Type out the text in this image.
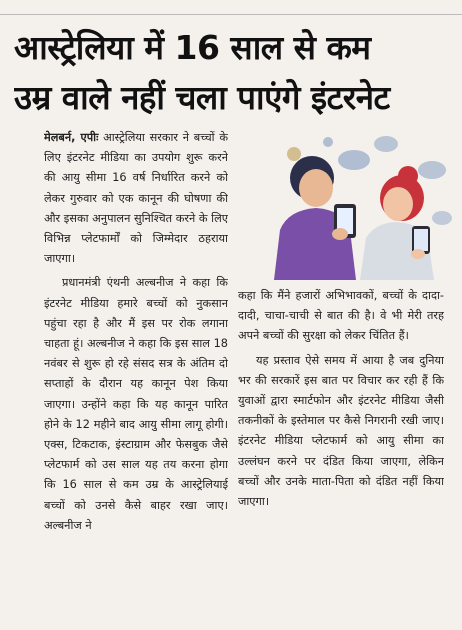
आस्ट्रेलिया में 16 साल से कम
उम्र वाले नहीं चला पाएंगे इंटरनेट

मेलबर्न, एपीः आस्ट्रेलिया सरकार ने बच्चों के लिए इंटरनेट मीडिया का उपयोग शुरू करने की आयु सीमा 16 वर्ष निर्धारित करने को लेकर गुरुवार को एक कानून की घोषणा की और इसका अनुपालन सुनिश्चित करने के लिए विभिन्न प्लेटफार्मों को जिम्मेदार ठहराया जाएगा।

प्रधानमंत्री एंथनी अल्बनीज ने कहा कि इंटरनेट मीडिया हमारे बच्चों को नुकसान पहुंचा रहा है और मैं इस पर रोक लगाना चाहता हूं। अल्बनीज ने कहा कि इस साल 18 नवंबर से शुरू हो रहे संसद सत्र के अंतिम दो सप्ताहों के दौरान यह कानून पेश किया जाएगा। उन्होंने कहा कि यह कानून पारित होने के 12 महीने बाद आयु सीमा लागू होगी। एक्स, टिकटाक, इंस्टाग्राम और फेसबुक जैसे प्लेटफार्म को उस साल यह तय करना होगा कि 16 साल से कम उम्र के आस्ट्रेलियाई बच्चों को उनसे कैसे बाहर रखा जाए। अल्बनीज ने

कहा कि मैंने हजारों अभिभावकों, बच्चों के दादा-दादी, चाचा-चाची से बात की है। वे भी मेरी तरह अपने बच्चों की सुरक्षा को लेकर चिंतित हैं।

यह प्रस्ताव ऐसे समय में आया है जब दुनिया भर की सरकारें इस बात पर विचार कर रही हैं कि युवाओं द्वारा स्मार्टफोन और इंटरनेट मीडिया जैसी तकनीकों के इस्तेमाल पर कैसे निगरानी रखी जाए। इंटरनेट मीडिया प्लेटफार्म को आयु सीमा का उल्लंघन करने पर दंडित किया जाएगा, लेकिन बच्चों और उनके माता-पिता को दंडित नहीं किया जाएगा।
